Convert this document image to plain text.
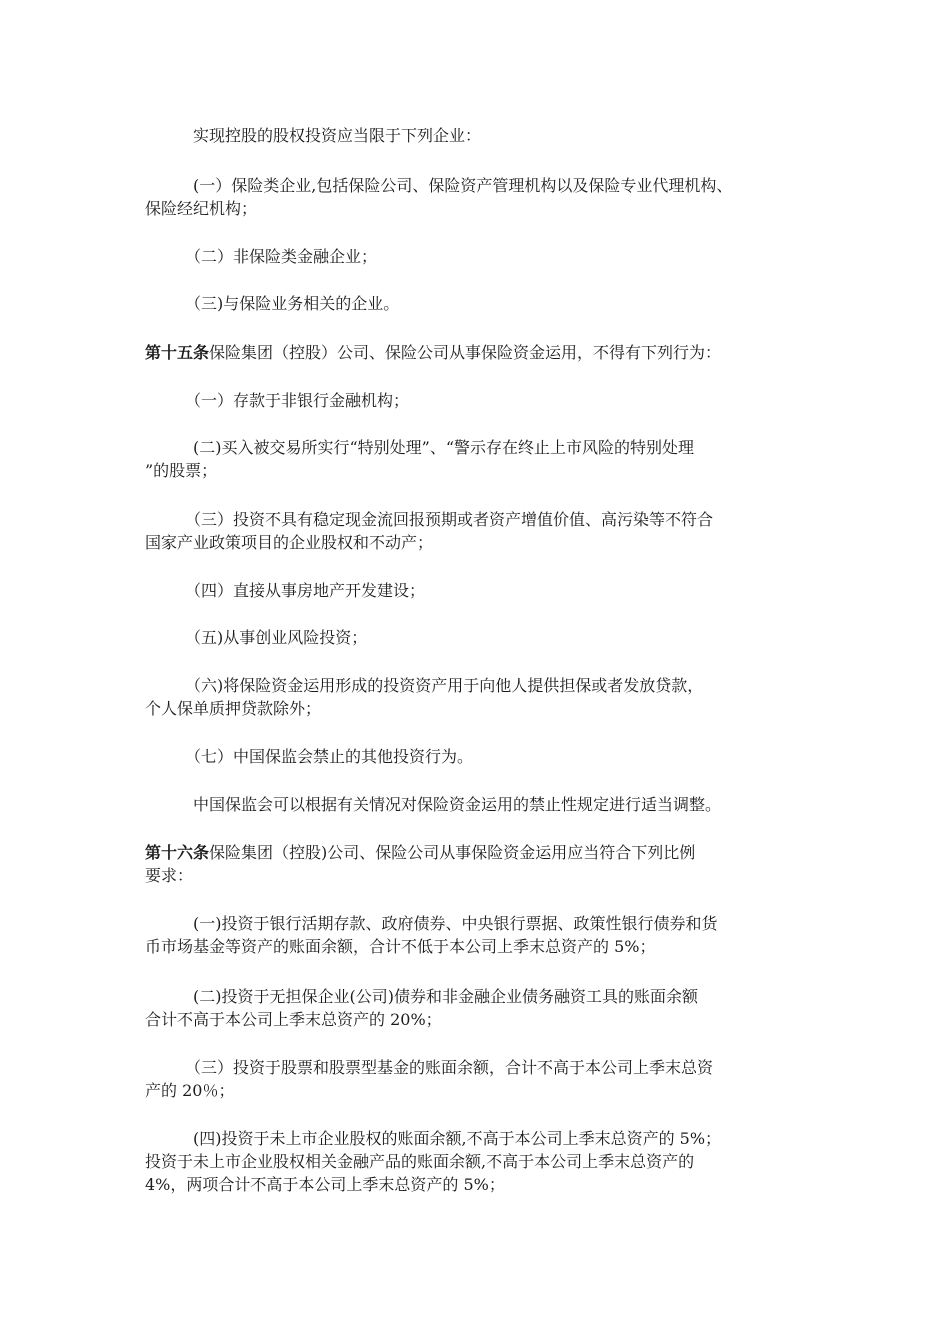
　　　实现控股的股权投资应当限于下列企业：
　　　(一）保险类企业,包括保险公司、保险资产管理机构以及保险专业代理机构、
保险经纪机构；
　　　（二）非保险类金融企业；
　　　（三)与保险业务相关的企业。
第十五条保险集团（控股）公司、保险公司从事保险资金运用，不得有下列行为：
　　　（一）存款于非银行金融机构；
　　　(二)买入被交易所实行“特别处理”、“警示存在终止上市风险的特别处理
”的股票；
　　　（三）投资不具有稳定现金流回报预期或者资产增值价值、高污染等不符合
国家产业政策项目的企业股权和不动产；
　　　（四）直接从事房地产开发建设；
　　　（五)从事创业风险投资；
　　　（六)将保险资金运用形成的投资资产用于向他人提供担保或者发放贷款，
个人保单质押贷款除外；
　　　（七）中国保监会禁止的其他投资行为。
　　　中国保监会可以根据有关情况对保险资金运用的禁止性规定进行适当调整。
第十六条保险集团（控股)公司、保险公司从事保险资金运用应当符合下列比例
要求：
　　　(一)投资于银行活期存款、政府债券、中央银行票据、政策性银行债券和货
币市场基金等资产的账面余额，合计不低于本公司上季末总资产的 5%；
　　　(二)投资于无担保企业(公司)债券和非金融企业债务融资工具的账面余额
合计不高于本公司上季末总资产的 20%；
　　　（三）投资于股票和股票型基金的账面余额，合计不高于本公司上季末总资
产的 20％；
　　　(四)投资于未上市企业股权的账面余额,不高于本公司上季末总资产的 5%；
投资于未上市企业股权相关金融产品的账面余额,不高于本公司上季末总资产的
4%，两项合计不高于本公司上季末总资产的 5%；
